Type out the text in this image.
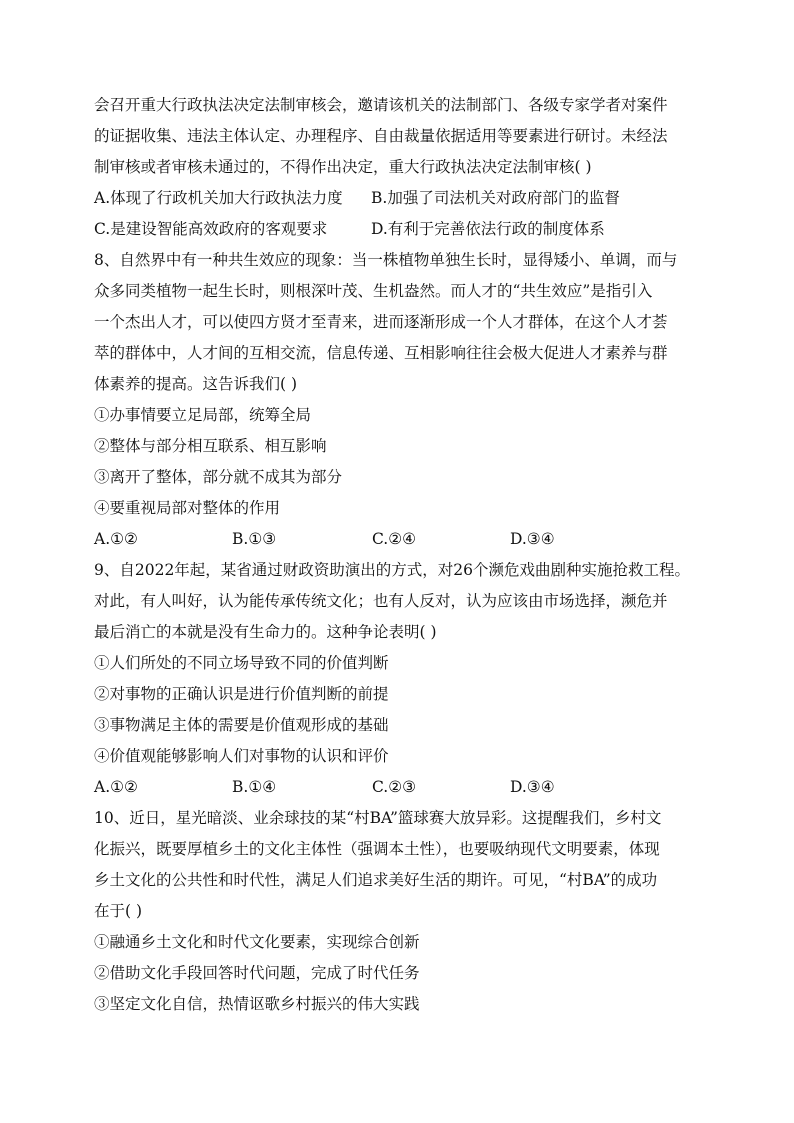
会召开重大行政执法决定法制审核会，邀请该机关的法制部门、各级专家学者对案件
的证据收集、违法主体认定、办理程序、自由裁量依据适用等要素进行研讨。未经法
制审核或者审核未通过的，不得作出决定，重大行政执法决定法制审核( )
A.体现了行政机关加大行政执法力度 B.加强了司法机关对政府部门的监督
C.是建设智能高效政府的客观要求	D.有利于完善依法行政的制度体系
8、自然界中有一种共生效应的现象：当一株植物单独生长时，显得矮小、单调，而与
众多同类植物一起生长时，则根深叶茂、生机盎然。而人才的“共生效应”是指引入
一个杰出人才，可以使四方贤才至青来，进而逐渐形成一个人才群体，在这个人才荟
萃的群体中，人才间的互相交流，信息传递、互相影响往往会极大促进人才素养与群
体素养的提高。这告诉我们( )
①办事情要立足局部，统筹全局
②整体与部分相互联系、相互影响
③离开了整体，部分就不成其为部分
④要重视局部对整体的作用
A.①②	B.①③	C.②④	D.③④
9、自2022年起，某省通过财政资助演出的方式，对26个濒危戏曲剧种实施抢救工程。
对此，有人叫好，认为能传承传统文化；也有人反对，认为应该由市场选择，濒危并
最后消亡的本就是没有生命力的。这种争论表明( )
①人们所处的不同立场导致不同的价值判断
②对事物的正确认识是进行价值判断的前提
③事物满足主体的需要是价值观形成的基础
④价值观能够影响人们对事物的认识和评价
A.①②	B.①④	C.②③	D.③④
10、近日，星光暗淡、业余球技的某“村BA”篮球赛大放异彩。这提醒我们，乡村文
化振兴，既要厚植乡土的文化主体性（强调本土性），也要吸纳现代文明要素，体现
乡土文化的公共性和时代性，满足人们追求美好生活的期许。可见，“村BA”的成功
在于( )
①融通乡土文化和时代文化要素，实现综合创新
②借助文化手段回答时代问题，完成了时代任务
③坚定文化自信，热情讴歌乡村振兴的伟大实践
